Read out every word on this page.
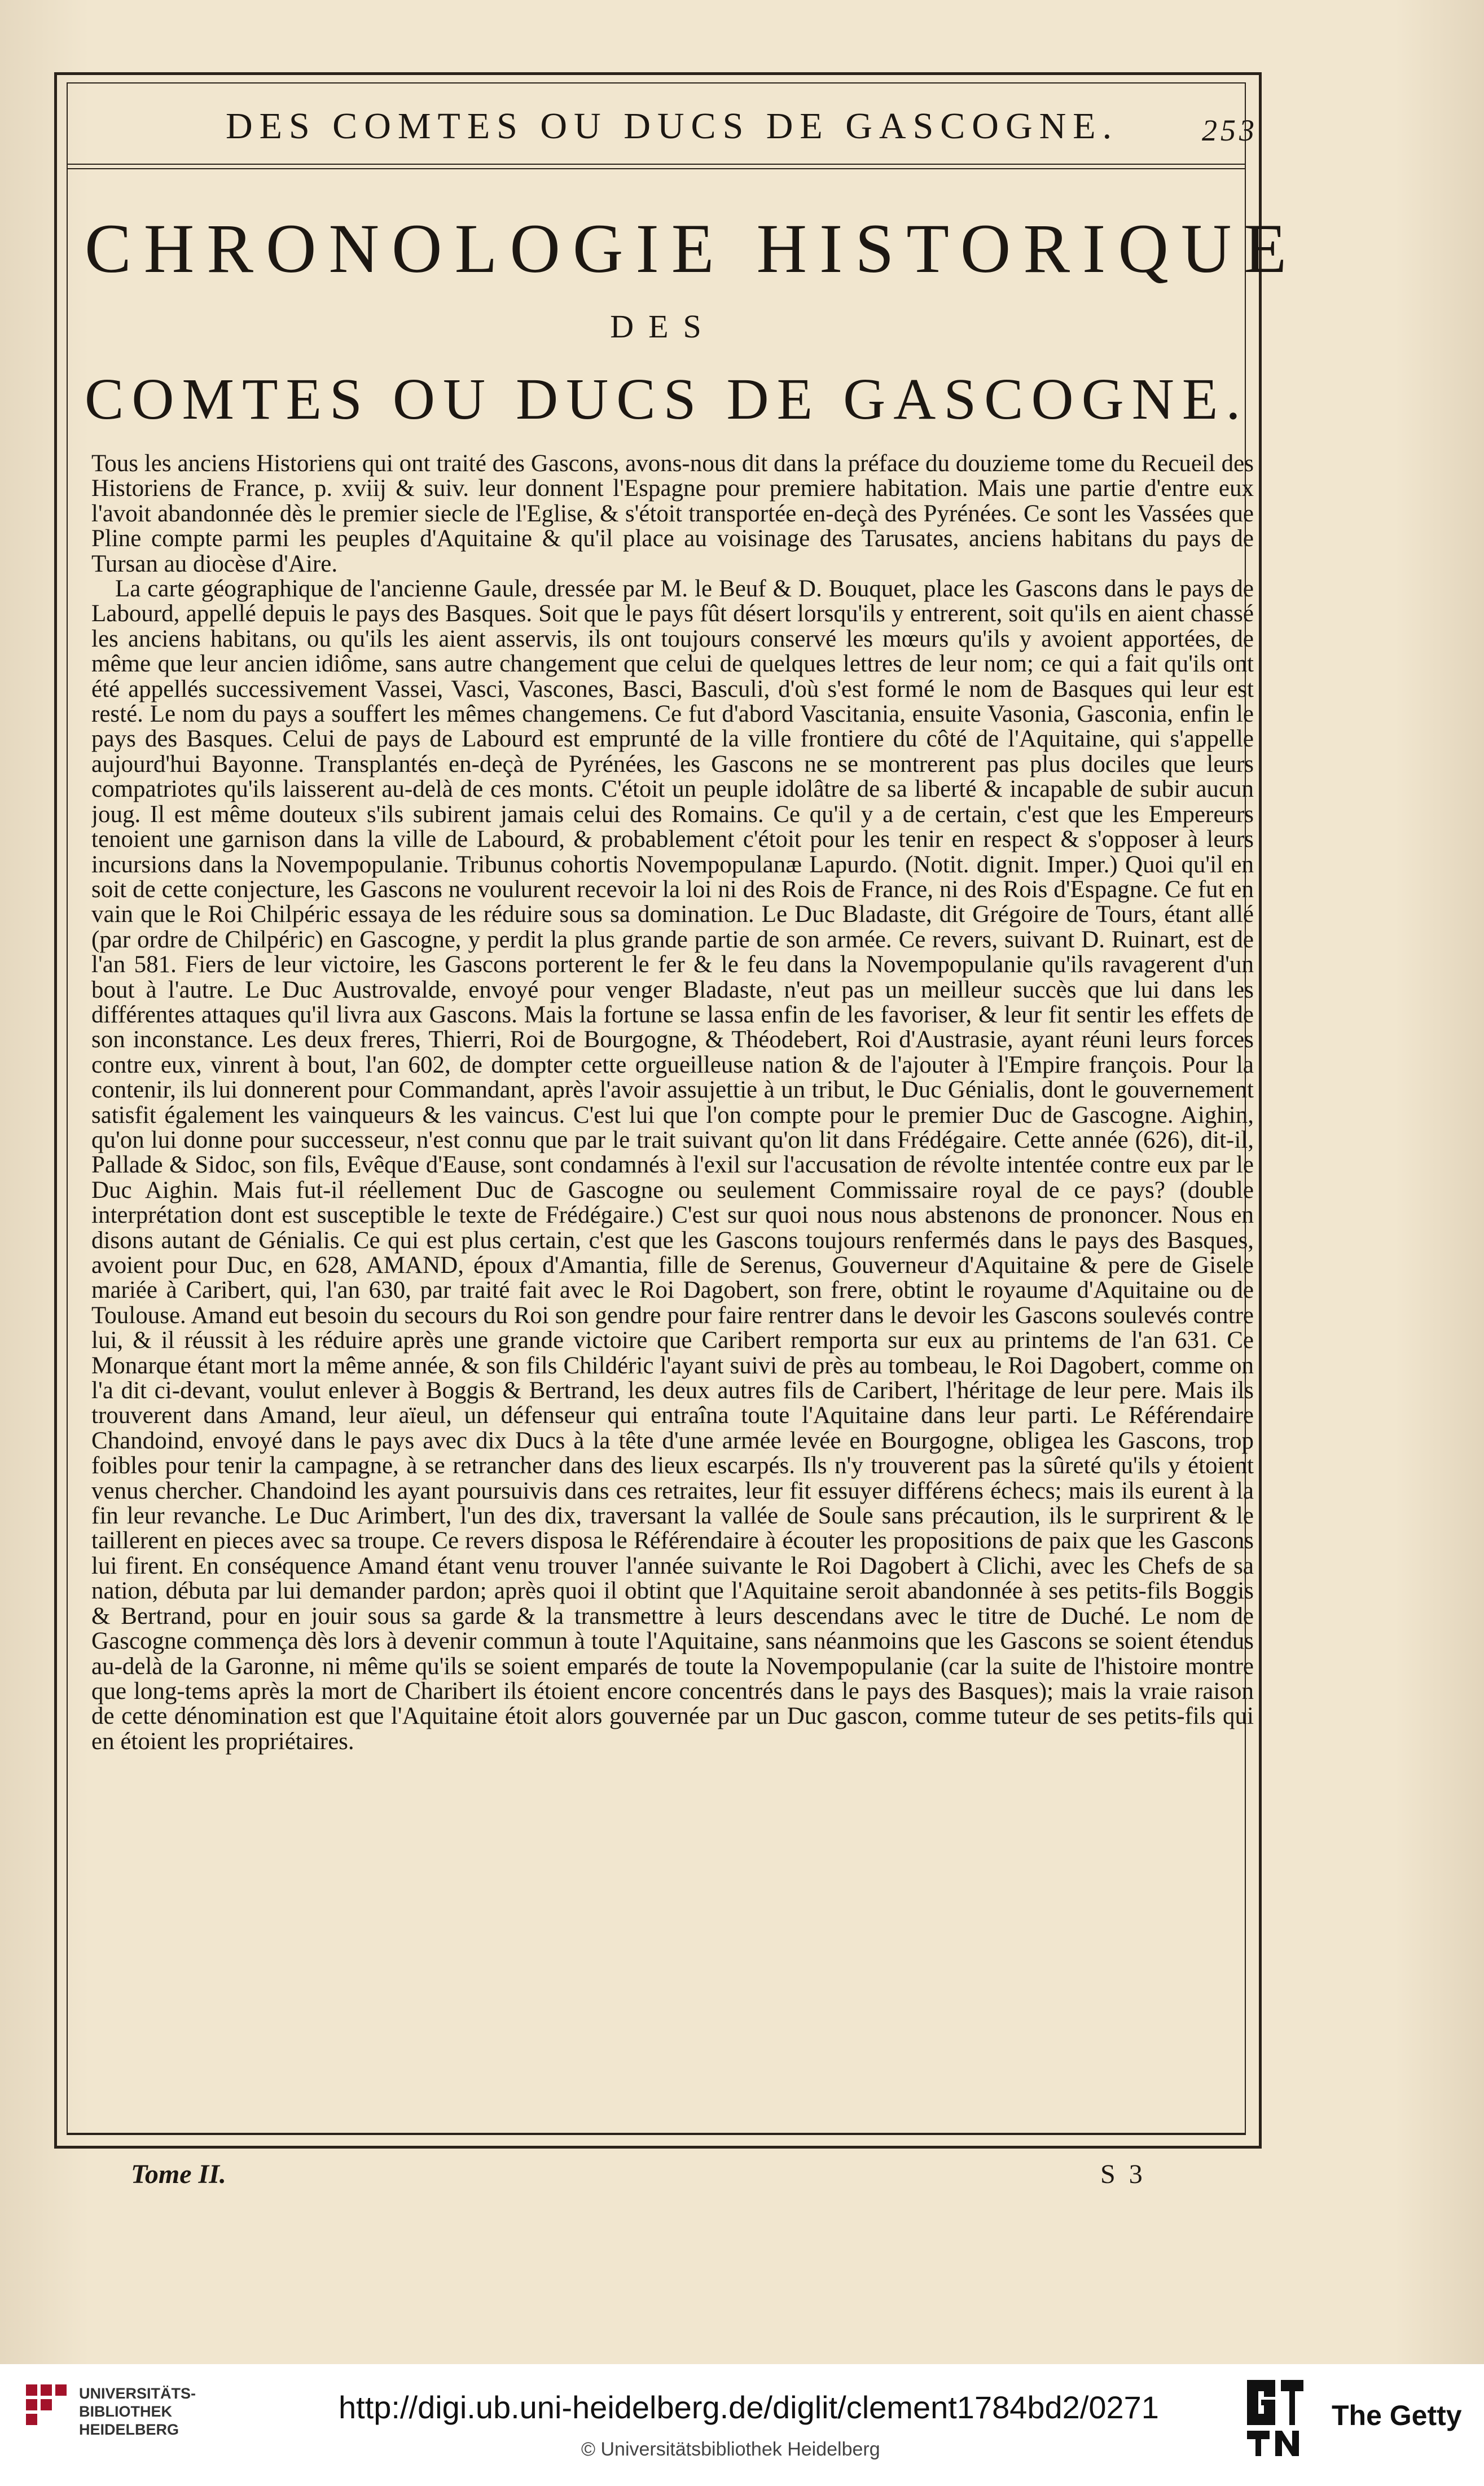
DES COMTES OU DUCS DE GASCOGNE.	253
CHRONOLOGIE HISTORIQUE
DES
COMTES OU DUCS DE GASCOGNE.

Tous les anciens Historiens qui ont traité des Gascons, avons-nous dit dans la préface du douzieme tome du Recueil des Historiens de France, p. xviij & suiv. leur donnent l'Espagne pour premiere habitation. Mais une partie d'entre eux l'avoit abandonnée dès le premier siecle de l'Eglise, & s'étoit transportée en-deçà des Pyrénées. Ce sont les Vassées que Pline compte parmi les peuples d'Aquitaine & qu'il place au voisinage des Tarusates, anciens habitans du pays de Tursan au diocèse d'Aire.

La carte géographique de l'ancienne Gaule, dressée par M. le Beuf & D. Bouquet, place les Gascons dans le pays de Labourd, appellé depuis le pays des Basques. Soit que le pays fût désert lorsqu'ils y entrerent, soit qu'ils en aient chassé les anciens habitans, ou qu'ils les aient asservis, ils ont toujours conservé les mœurs qu'ils y avoient apportées, de même que leur ancien idiôme, sans autre changement que celui de quelques lettres de leur nom; ce qui a fait qu'ils ont été appellés successivement Vassei, Vasci, Vascones, Basci, Basculi, d'où s'est formé le nom de Basques qui leur est resté. Le nom du pays a souffert les mêmes changemens. Ce fut d'abord Vascitania, ensuite Vasonia, Gasconia, enfin le pays des Basques. Celui de pays de Labourd est emprunté de la ville frontiere du côté de l'Aquitaine, qui s'appelle aujourd'hui Bayonne. Transplantés en-deçà de Pyrénées, les Gascons ne se montrerent pas plus dociles que leurs compatriotes qu'ils laisserent au-delà de ces monts. C'étoit un peuple idolâtre de sa liberté & incapable de subir aucun joug. Il est même douteux s'ils subirent jamais celui des Romains. Ce qu'il y a de certain, c'est que les Empereurs tenoient une garnison dans la ville de Labourd, & probablement c'étoit pour les tenir en respect & s'opposer à leurs incursions dans la Novempopulanie. Tribunus cohortis Novempopulanæ Lapurdo. (Notit. dignit. Imper.) Quoi qu'il en soit de cette conjecture, les Gascons ne voulurent recevoir la loi ni des Rois de France, ni des Rois d'Espagne. Ce fut en vain que le Roi Chilpéric essaya de les réduire sous sa domination. Le Duc Bladaste, dit Grégoire de Tours, étant allé (par ordre de Chilpéric) en Gascogne, y perdit la plus grande partie de son armée. Ce revers, suivant D. Ruinart, est de l'an 581. Fiers de leur victoire, les Gascons porterent le fer & le feu dans la Novempopulanie qu'ils ravagerent d'un bout à l'autre. Le Duc Austrovalde, envoyé pour venger Bladaste, n'eut pas un meilleur succès que lui dans les différentes attaques qu'il livra aux Gascons. Mais la fortune se lassa enfin de les favoriser, & leur fit sentir les effets de son inconstance. Les deux freres, Thierri, Roi de Bourgogne, & Théodebert, Roi d'Austrasie, ayant réuni leurs forces contre eux, vinrent à bout, l'an 602, de dompter cette orgueilleuse nation & de l'ajouter à l'Empire françois. Pour la contenir, ils lui donnerent pour Commandant, après l'avoir assujettie à un tribut, le Duc Génialis, dont le gouvernement satisfit également les vainqueurs & les vaincus. C'est lui que l'on compte pour le premier Duc de Gascogne. Aighin, qu'on lui donne pour successeur, n'est connu que par le trait suivant qu'on lit dans Frédégaire. Cette année (626), dit-il, Pallade & Sidoc, son fils, Evêque d'Eause, sont condamnés à l'exil sur l'accusation de révolte intentée contre eux par le Duc Aighin. Mais fut-il réellement Duc de Gascogne ou seulement Commissaire royal de ce pays? (double interprétation dont est susceptible le texte de Frédégaire.) C'est sur quoi nous nous abstenons de prononcer. Nous en disons autant de Génialis. Ce qui est plus certain, c'est que les Gascons toujours renfermés dans le pays des Basques, avoient pour Duc, en 628, AMAND, époux d'Amantia, fille de Serenus, Gouverneur d'Aquitaine & pere de Gisele mariée à Caribert, qui, l'an 630, par traité fait avec le Roi Dagobert, son frere, obtint le royaume d'Aquitaine ou de Toulouse. Amand eut besoin du secours du Roi son gendre pour faire rentrer dans le devoir les Gascons soulevés contre lui, & il réussit à les réduire après une grande victoire que Caribert remporta sur eux au printems de l'an 631. Ce Monarque étant mort la même année, & son fils Childéric l'ayant suivi de près au tombeau, le Roi Dagobert, comme on l'a dit ci-devant, voulut enlever à Boggis & Bertrand, les deux autres fils de Caribert, l'héritage de leur pere. Mais ils trouverent dans Amand, leur aïeul, un défenseur qui entraîna toute l'Aquitaine dans leur parti. Le Référendaire Chandoind, envoyé dans le pays avec dix Ducs à la tête d'une armée levée en Bourgogne, obligea les Gascons, trop foibles pour tenir la campagne, à se retrancher dans des lieux escarpés. Ils n'y trouverent pas la sûreté qu'ils y étoient venus chercher. Chandoind les ayant poursuivis dans ces retraites, leur fit essuyer différens échecs; mais ils eurent à la fin leur revanche. Le Duc Arimbert, l'un des dix, traversant la vallée de Soule sans précaution, ils le surprirent & le taillerent en pieces avec sa troupe. Ce revers disposa le Référendaire à écouter les propositions de paix que les Gascons lui firent. En conséquence Amand étant venu trouver l'année suivante le Roi Dagobert à Clichi, avec les Chefs de sa nation, débuta par lui demander pardon; après quoi il obtint que l'Aquitaine seroit abandonnée à ses petits-fils Boggis & Bertrand, pour en jouir sous sa garde & la transmettre à leurs descendans avec le titre de Duché. Le nom de Gascogne commença dès lors à devenir commun à toute l'Aquitaine, sans néanmoins que les Gascons se soient étendus au-delà de la Garonne, ni même qu'ils se soient emparés de toute la Novempopulanie (car la suite de l'histoire montre que long-tems après la mort de Charibert ils étoient encore concentrés dans le pays des Basques); mais la vraie raison de cette dénomination est que l'Aquitaine étoit alors gouvernée par un Duc gascon, comme tuteur de ses petits-fils qui en étoient les propriétaires.

Tome II.	S 3
UNIVERSITÄTS-
BIBLIOTHEK
HEIDELBERG
http://digi.ub.uni-heidelberg.de/diglit/clement1784bd2/0271
© Universitätsbibliothek Heidelberg
The Getty
